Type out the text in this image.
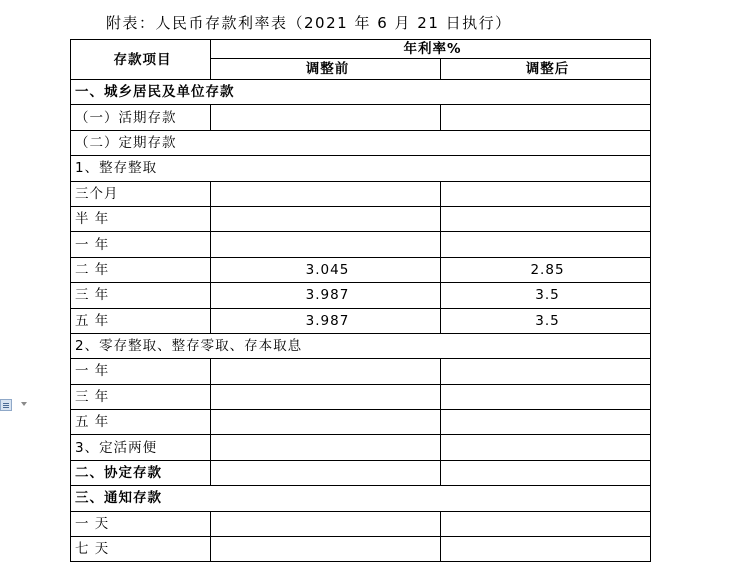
附表：人民币存款利率表（2021 年 6 月 21 日执行）
存款项目	年利率%	
	调整前	调整后
一、城乡居民及单位存款		
（一）活期存款		
（二）定期存款		
1、整存整取		
三个月		
半 年		
一 年		
二 年	3.045	2.85
三 年	3.987	3.5
五 年	3.987	3.5
2、零存整取、整存零取、存本取息		
一 年		
三 年		
五 年		
3、定活两便		
二、协定存款		
三、通知存款		
一 天		
七 天		
